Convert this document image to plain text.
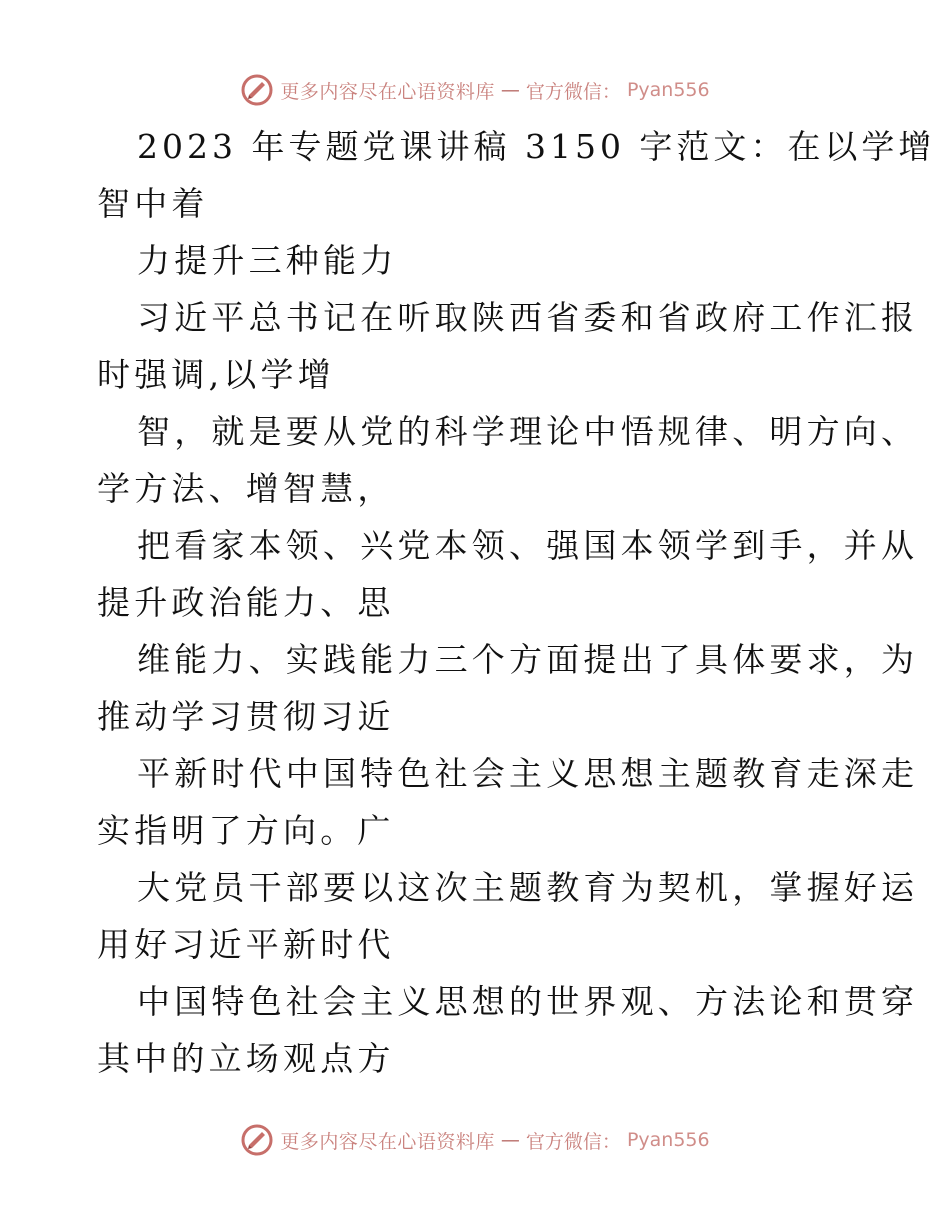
更多内容尽在心语资料库 — 官方微信： Pyan556
2023 年专题党课讲稿 3150 字范文：在以学增
智中着
力提升三种能力
习近平总书记在听取陕西省委和省政府工作汇报
时强调,以学增
智，就是要从党的科学理论中悟规律、明方向、
学方法、增智慧，
把看家本领、兴党本领、强国本领学到手，并从
提升政治能力、思
维能力、实践能力三个方面提出了具体要求，为
推动学习贯彻习近
平新时代中国特色社会主义思想主题教育走深走
实指明了方向。广
大党员干部要以这次主题教育为契机，掌握好运
用好习近平新时代
中国特色社会主义思想的世界观、方法论和贯穿
其中的立场观点方
更多内容尽在心语资料库 — 官方微信： Pyan556
